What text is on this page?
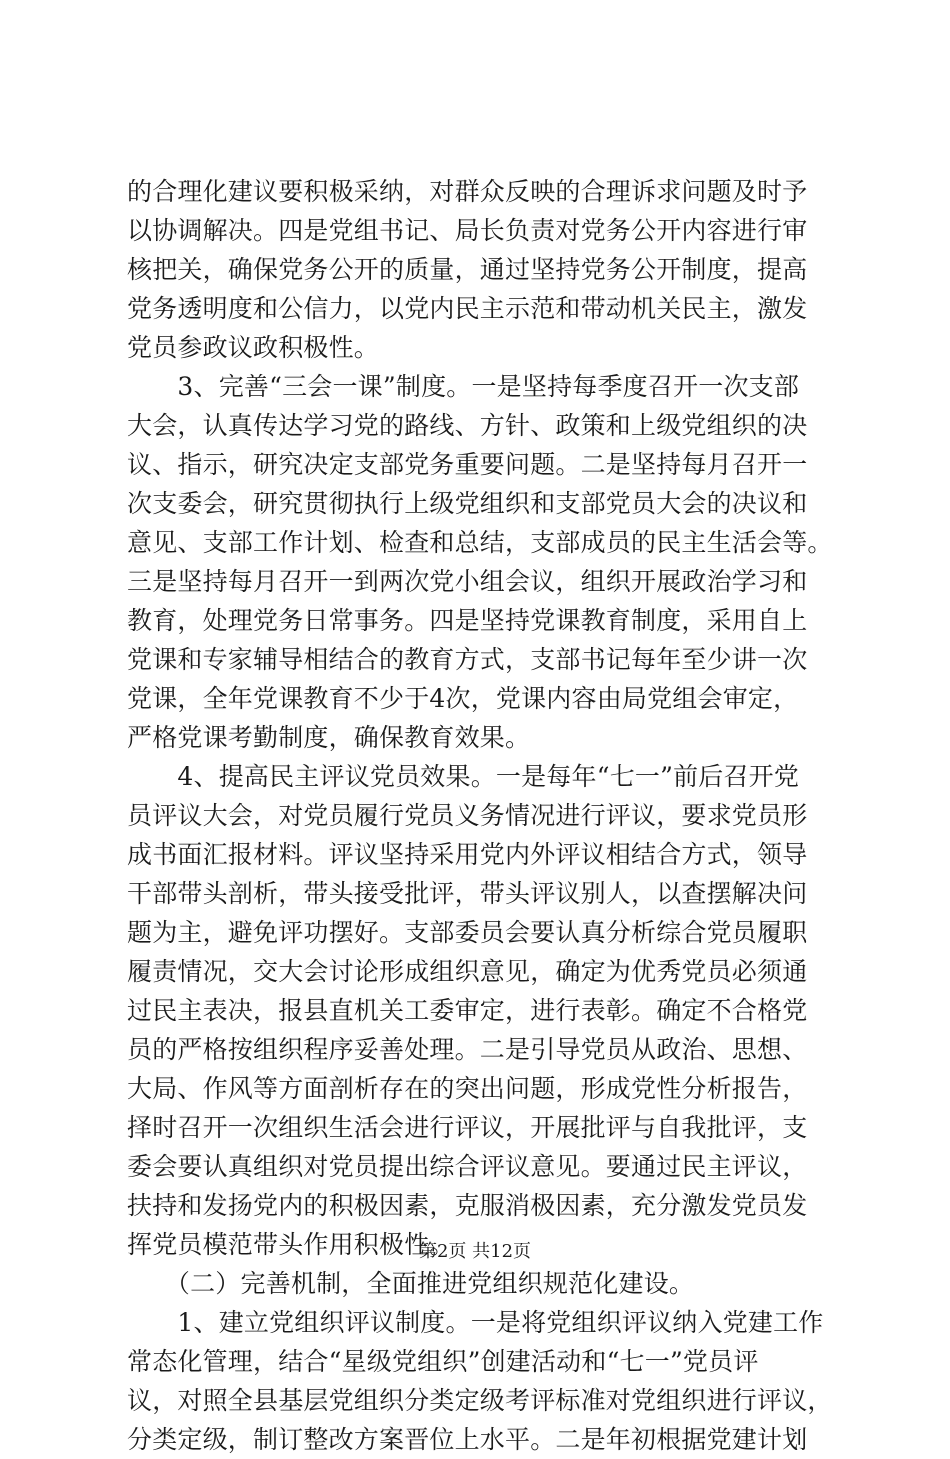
的合理化建议要积极采纳，对群众反映的合理诉求问题及时予
以协调解决。四是党组书记、局长负责对党务公开内容进行审
核把关，确保党务公开的质量，通过坚持党务公开制度，提高
党务透明度和公信力，以党内民主示范和带动机关民主，激发
党员参政议政积极性。
　　3、完善“三会一课”制度。一是坚持每季度召开一次支部
大会，认真传达学习党的路线、方针、政策和上级党组织的决
议、指示，研究决定支部党务重要问题。二是坚持每月召开一
次支委会，研究贯彻执行上级党组织和支部党员大会的决议和
意见、支部工作计划、检查和总结，支部成员的民主生活会等。
三是坚持每月召开一到两次党小组会议，组织开展政治学习和
教育，处理党务日常事务。四是坚持党课教育制度，采用自上
党课和专家辅导相结合的教育方式，支部书记每年至少讲一次
党课，全年党课教育不少于4次，党课内容由局党组会审定，
严格党课考勤制度，确保教育效果。
　　4、提高民主评议党员效果。一是每年“七一”前后召开党
员评议大会，对党员履行党员义务情况进行评议，要求党员形
成书面汇报材料。评议坚持采用党内外评议相结合方式，领导
干部带头剖析，带头接受批评，带头评议别人，以查摆解决问
题为主，避免评功摆好。支部委员会要认真分析综合党员履职
履责情况，交大会讨论形成组织意见，确定为优秀党员必须通
过民主表决，报县直机关工委审定，进行表彰。确定不合格党
员的严格按组织程序妥善处理。二是引导党员从政治、思想、
大局、作风等方面剖析存在的突出问题，形成党性分析报告，
择时召开一次组织生活会进行评议，开展批评与自我批评，支
委会要认真组织对党员提出综合评议意见。要通过民主评议，
扶持和发扬党内的积极因素，克服消极因素，充分激发党员发
挥党员模范带头作用积极性。
　　（二）完善机制，全面推进党组织规范化建设。
　　1、建立党组织评议制度。一是将党组织评议纳入党建工作
常态化管理，结合“星级党组织”创建活动和“七一”党员评
议，对照全县基层党组织分类定级考评标准对党组织进行评议，
分类定级，制订整改方案晋位上水平。二是年初根据党建计划
第2页 共12页
